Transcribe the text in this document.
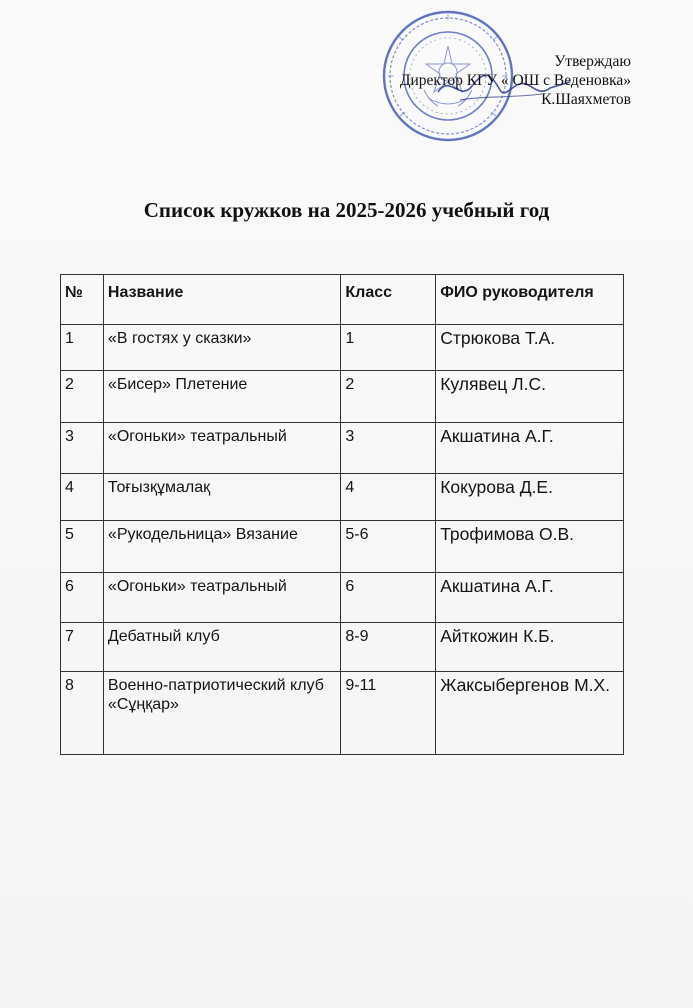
Утверждаю
Директор КГУ « ОШ с Веденовка»
К.Шаяхметов
Список кружков на 2025-2026 учебный год
№	Название	Класс	ФИО руководителя
1	«В гостях у сказки»	1	Стрюкова Т.А.
2	«Бисер» Плетение	2	Кулявец Л.С.
3	«Огоньки» театральный	3	Акшатина А.Г.
4	Тоғызқұмалақ	4	Кокурова Д.Е.
5	«Рукодельница» Вязание	5-6	Трофимова О.В.
6	«Огоньки» театральный	6	Акшатина А.Г.
7	Дебатный клуб	8-9	Айткожин К.Б.
8	Военно-патриотический клуб «Сұңқар»	9-11	Жаксыбергенов М.Х.
